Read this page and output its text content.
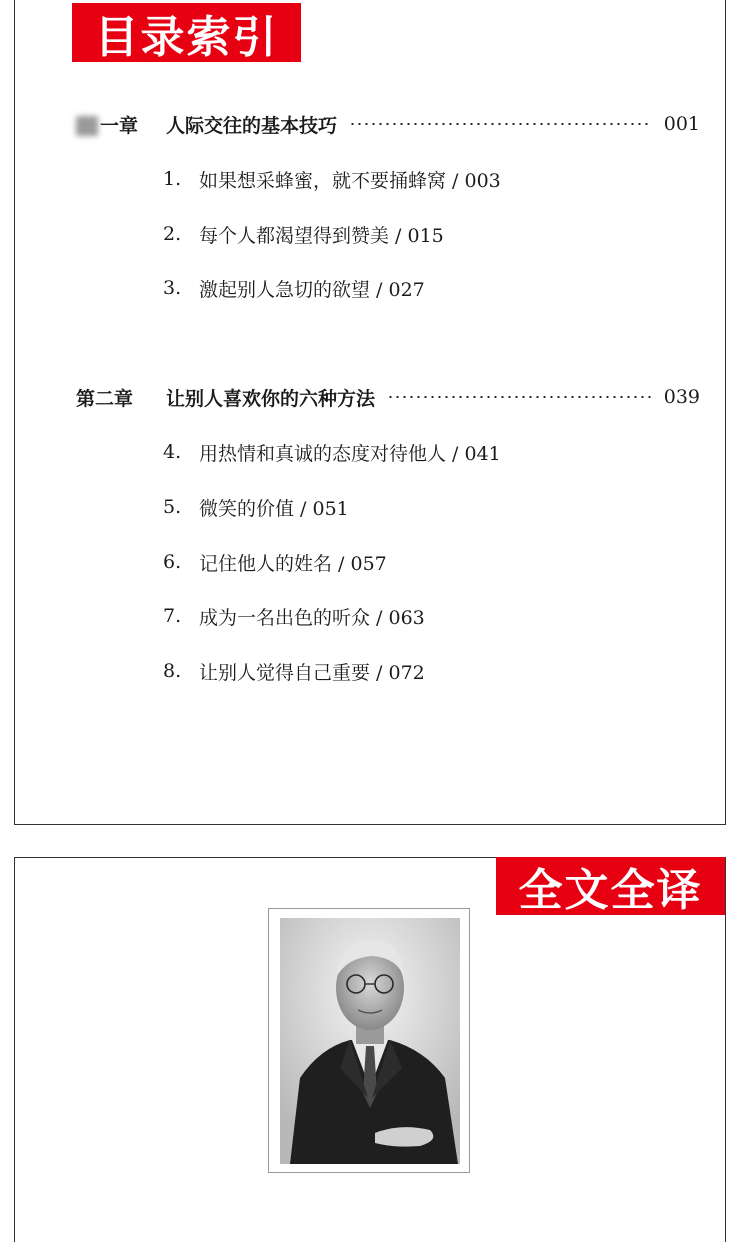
目录索引
一章	人际交往的基本技巧	001
1. 如果想采蜂蜜，就不要捅蜂窝 / 003
2. 每个人都渴望得到赞美 / 015
3. 激起别人急切的欲望 / 027
第二章	让别人喜欢你的六种方法	039
4. 用热情和真诚的态度对待他人 / 041
5. 微笑的价值 / 051
6. 记住他人的姓名 / 057
7. 成为一名出色的听众 / 063
8. 让别人觉得自己重要 / 072
全文全译
